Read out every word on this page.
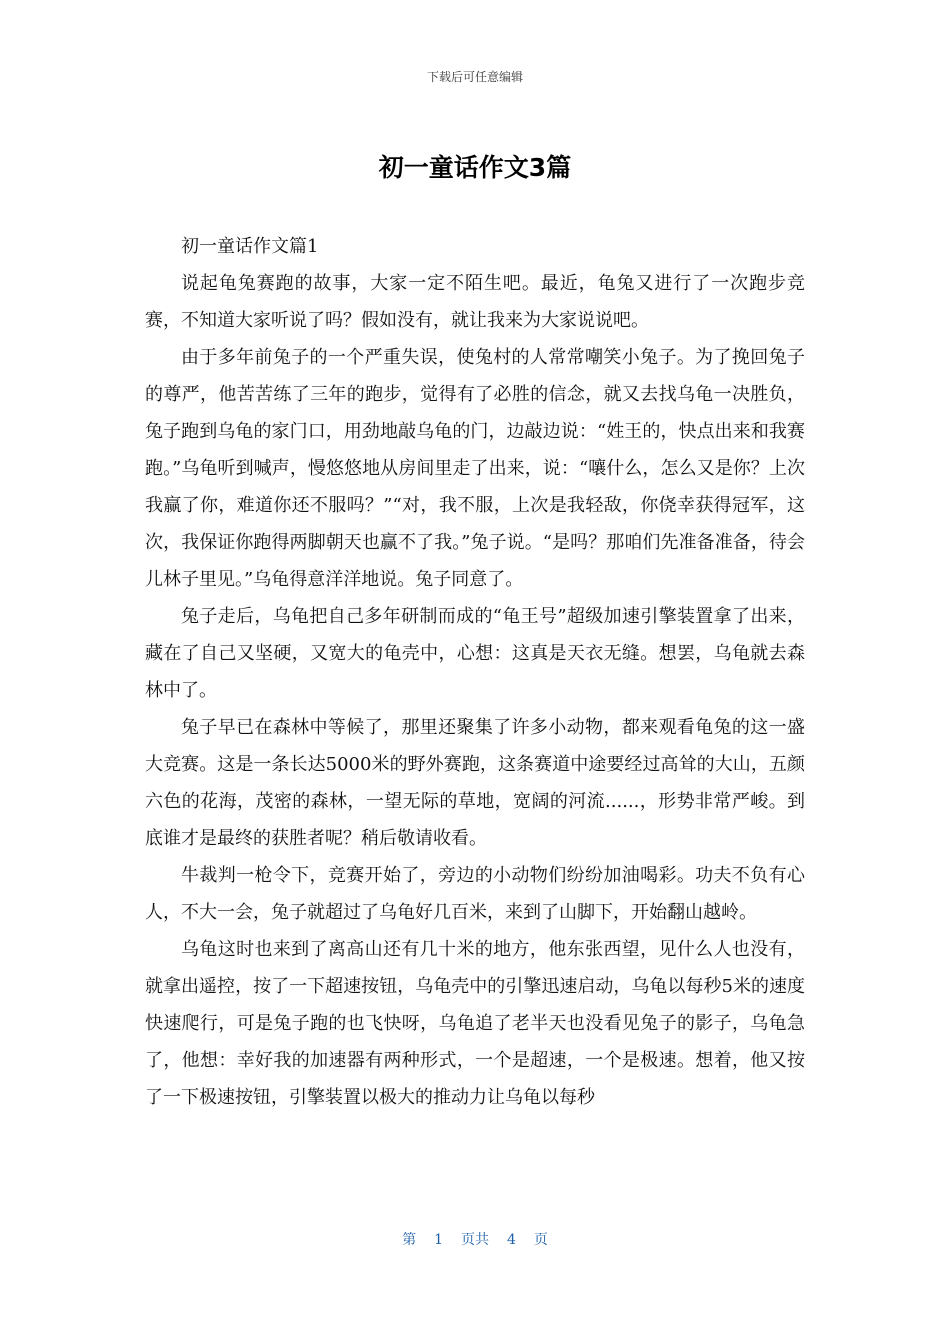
下载后可任意编辑
初一童话作文3篇

初一童话作文篇1

说起龟兔赛跑的故事，大家一定不陌生吧。最近，龟兔又进行了一次跑步竞赛，不知道大家听说了吗？假如没有，就让我来为大家说说吧。

由于多年前兔子的一个严重失误，使兔村的人常常嘲笑小兔子。为了挽回兔子的尊严，他苦苦练了三年的跑步，觉得有了必胜的信念，就又去找乌龟一决胜负，兔子跑到乌龟的家门口，用劲地敲乌龟的门，边敲边说：“姓王的，快点出来和我赛跑。”乌龟听到喊声，慢悠悠地从房间里走了出来，说：“嚷什么，怎么又是你？上次我赢了你，难道你还不服吗？”“对，我不服，上次是我轻敌，你侥幸获得冠军，这次，我保证你跑得两脚朝天也赢不了我。”兔子说。“是吗？那咱们先准备准备，待会儿林子里见。”乌龟得意洋洋地说。兔子同意了。

兔子走后，乌龟把自己多年研制而成的“龟王号”超级加速引擎装置拿了出来，藏在了自己又坚硬，又宽大的龟壳中，心想：这真是天衣无缝。想罢，乌龟就去森林中了。

兔子早已在森林中等候了，那里还聚集了许多小动物，都来观看龟兔的这一盛大竞赛。这是一条长达5000米的野外赛跑，这条赛道中途要经过高耸的大山，五颜六色的花海，茂密的森林，一望无际的草地，宽阔的河流......，形势非常严峻。到底谁才是最终的获胜者呢？稍后敬请收看。

牛裁判一枪令下，竞赛开始了，旁边的小动物们纷纷加油喝彩。功夫不负有心人，不大一会，兔子就超过了乌龟好几百米，来到了山脚下，开始翻山越岭。

乌龟这时也来到了离高山还有几十米的地方，他东张西望，见什么人也没有，就拿出遥控，按了一下超速按钮，乌龟壳中的引擎迅速启动，乌龟以每秒5米的速度快速爬行，可是兔子跑的也飞快呀，乌龟追了老半天也没看见兔子的影子，乌龟急了，他想：幸好我的加速器有两种形式，一个是超速，一个是极速。想着，他又按了一下极速按钮，引擎装置以极大的推动力让乌龟以每秒

第 1 页共 4 页
